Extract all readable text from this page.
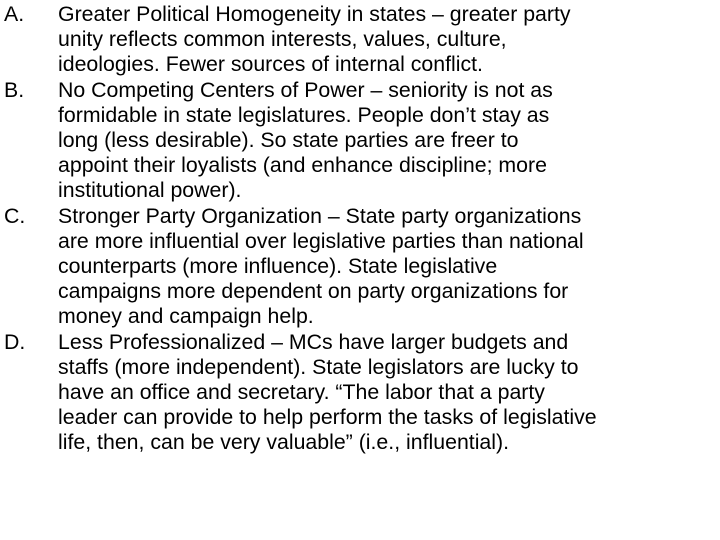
A. Greater Political Homogeneity in states – greater party
unity reflects common interests, values, culture,
ideologies. Fewer sources of internal conflict.
B. No Competing Centers of Power – seniority is not as
formidable in state legislatures. People don’t stay as
long (less desirable). So state parties are freer to
appoint their loyalists (and enhance discipline; more
institutional power).
C. Stronger Party Organization – State party organizations
are more influential over legislative parties than national
counterparts (more influence). State legislative
campaigns more dependent on party organizations for
money and campaign help.
D. Less Professionalized – MCs have larger budgets and
staffs (more independent). State legislators are lucky to
have an office and secretary. “The labor that a party
leader can provide to help perform the tasks of legislative
life, then, can be very valuable” (i.e., influential).
